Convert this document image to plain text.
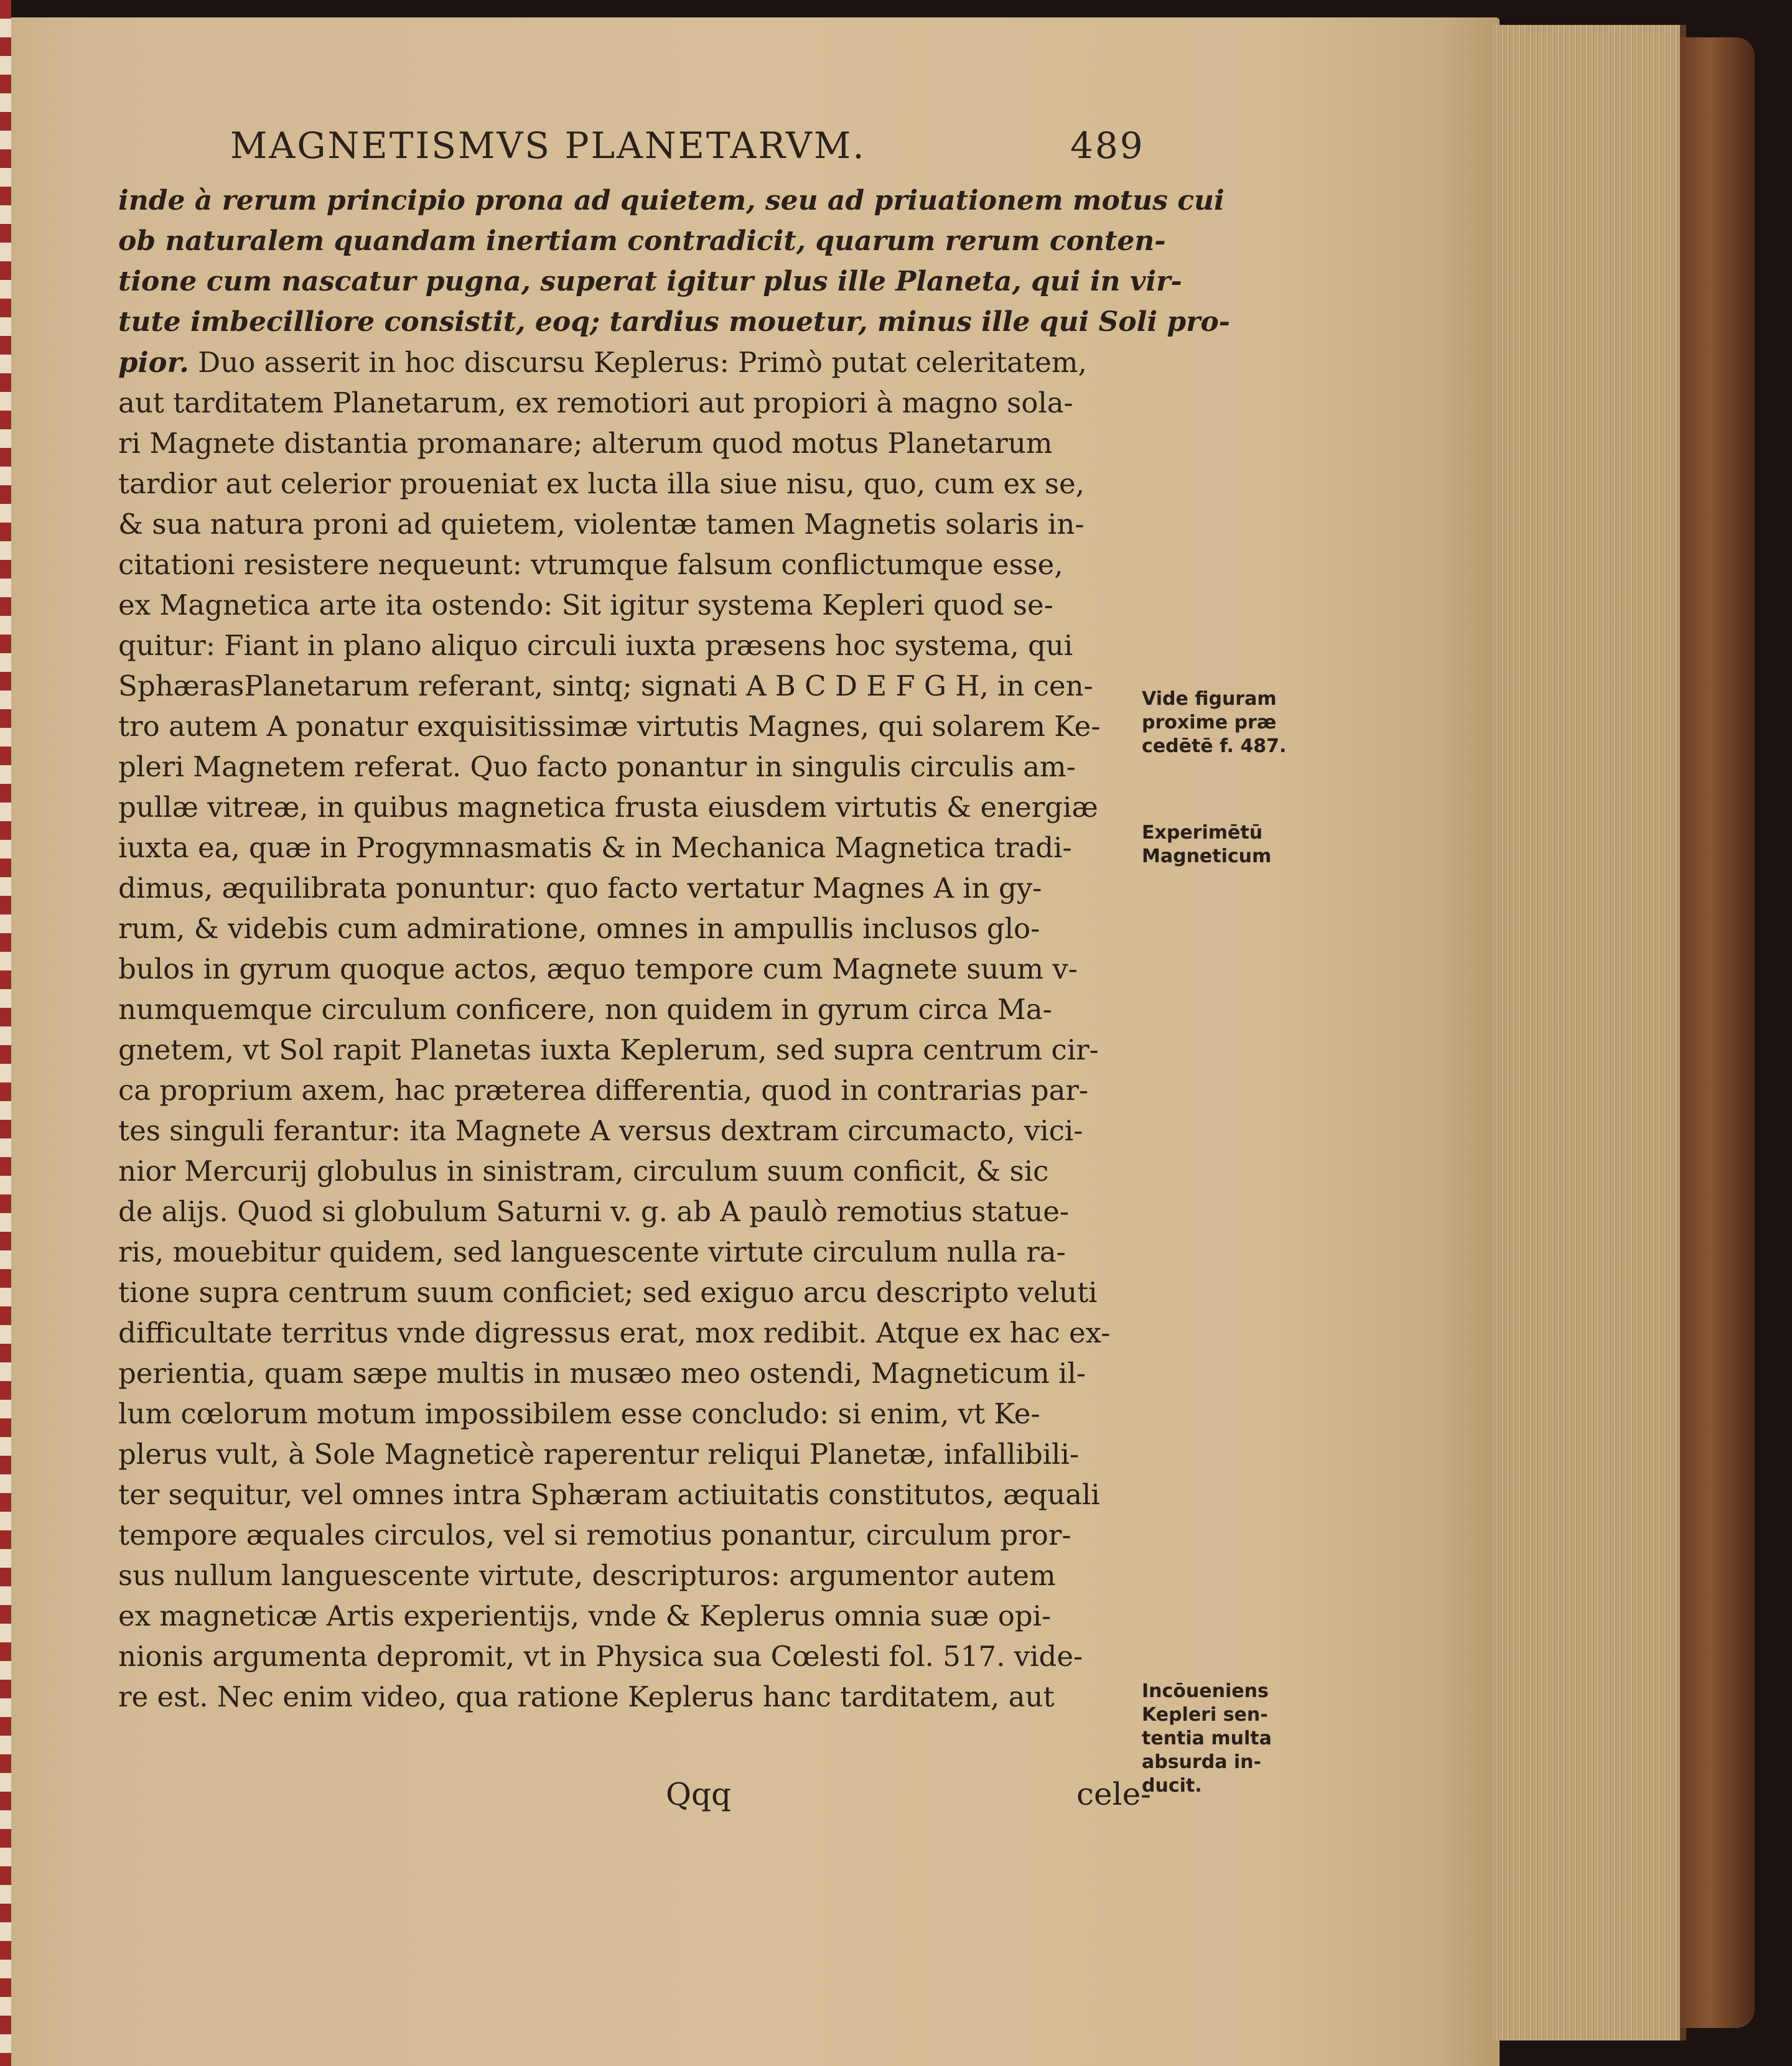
MAGNETISMVS PLANETARVM.	489
inde à rerum principio prona ad quietem, seu ad priuationem motus cui
ob naturalem quandam inertiam contradicit, quarum rerum conten-
tione cum nascatur pugna, superat igitur plus ille Planeta, qui in vir-
tute imbecilliore consistit, eoq; tardius mouetur, minus ille qui Soli pro-
pior. Duo asserit in hoc discursu Keplerus: Primò putat celeritatem,
aut tarditatem Planetarum, ex remotiori aut propiori à magno sola-
ri Magnete distantia promanare; alterum quod motus Planetarum
tardior aut celerior proueniat ex lucta illa siue nisu, quo, cum ex se,
& sua natura proni ad quietem, violentæ tamen Magnetis solaris in-
citationi resistere nequeunt: vtrumque falsum conflictumque esse,
ex Magnetica arte ita ostendo: Sit igitur systema Kepleri quod se-
quitur: Fiant in plano aliquo circuli iuxta præsens hoc systema, qui
SphærasPlanetarum referant, sintq; signati A B C D E F G H, in cen-
tro autem A ponatur exquisitissimæ virtutis Magnes, qui solarem Ke-
pleri Magnetem referat. Quo facto ponantur in singulis circulis am-
pullæ vitreæ, in quibus magnetica frusta eiusdem virtutis & energiæ
iuxta ea, quæ in Progymnasmatis & in Mechanica Magnetica tradi-
dimus, æquilibrata ponuntur: quo facto vertatur Magnes A in gy-
rum, & videbis cum admiratione, omnes in ampullis inclusos glo-
bulos in gyrum quoque actos, æquo tempore cum Magnete suum v-
numquemque circulum conficere, non quidem in gyrum circa Ma-
gnetem, vt Sol rapit Planetas iuxta Keplerum, sed supra centrum cir-
ca proprium axem, hac præterea differentia, quod in contrarias par-
tes singuli ferantur: ita Magnete A versus dextram circumacto, vici-
nior Mercurij globulus in sinistram, circulum suum conficit, & sic
de alijs. Quod si globulum Saturni v. g. ab A paulò remotius statue-
ris, mouebitur quidem, sed languescente virtute circulum nulla ra-
tione supra centrum suum conficiet; sed exiguo arcu descripto veluti
difficultate territus vnde digressus erat, mox redibit. Atque ex hac ex-
perientia, quam sæpe multis in musæo meo ostendi, Magneticum il-
lum cœlorum motum impossibilem esse concludo: si enim, vt Ke-
plerus vult, à Sole Magneticè raperentur reliqui Planetæ, infallibili-
ter sequitur, vel omnes intra Sphæram actiuitatis constitutos, æquali
tempore æquales circulos, vel si remotius ponantur, circulum pror-
sus nullum languescente virtute, descripturos: argumentor autem
ex magneticæ Artis experientijs, vnde & Keplerus omnia suæ opi-
nionis argumenta depromit, vt in Physica sua Cœlesti fol. 517. vide-
re est. Nec enim video, qua ratione Keplerus hanc tarditatem, aut
Qqq	cele-
Vide figuram
proxime præ
cedētē f. 487.
Experimētū
Magneticum
Incōueniens
Kepleri sen-
tentia multa
absurda in-
ducit.
